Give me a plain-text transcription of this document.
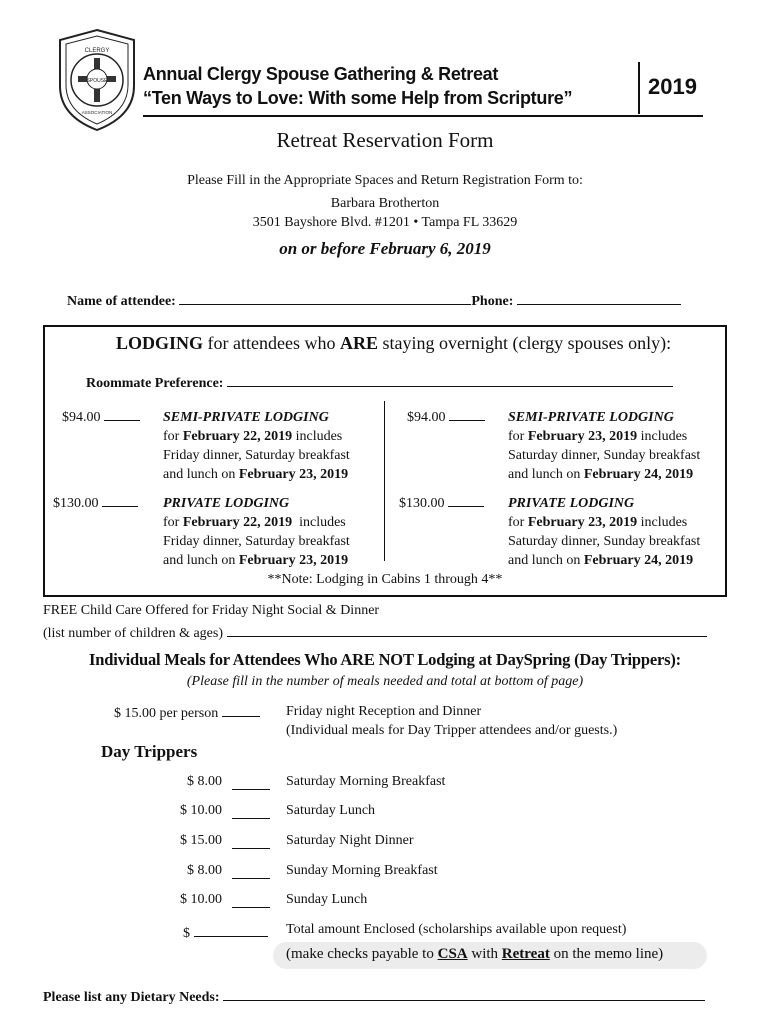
CLERGY
SPOUSE
ASSOCIATION
Annual Clergy Spouse Gathering & Retreat
“Ten Ways to Love: With some Help from Scripture”	2019
Retreat Reservation Form
Please Fill in the Appropriate Spaces and Return Registration Form to:
Barbara Brotherton
3501 Bayshore Blvd. #1201 • Tampa FL 33629
on or before February 6, 2019
Name of attendee:	Phone:
LODGING for attendees who ARE staying overnight (clergy spouses only):
Roommate Preference:
$94.00	SEMI-PRIVATE LODGING
for February 22, 2019 includes
Friday dinner, Saturday breakfast
and lunch on February 23, 2019
$94.00	SEMI-PRIVATE LODGING
for February 23, 2019 includes
Saturday dinner, Sunday breakfast
and lunch on February 24, 2019
$130.00	PRIVATE LODGING
for February 22, 2019  includes
Friday dinner, Saturday breakfast
and lunch on February 23, 2019
$130.00	PRIVATE LODGING
for February 23, 2019 includes
Saturday dinner, Sunday breakfast
and lunch on February 24, 2019
**Note: Lodging in Cabins 1 through 4**
FREE Child Care Offered for Friday Night Social & Dinner
(list number of children & ages)
Individual Meals for Attendees Who ARE NOT Lodging at DaySpring (Day Trippers):
(Please fill in the number of meals needed and total at bottom of page)
$ 15.00 per person	Friday night Reception and Dinner
(Individual meals for Day Tripper attendees and/or guests.)
Day Trippers
$ 8.00	Saturday Morning Breakfast
$ 10.00	Saturday Lunch
$ 15.00	Saturday Night Dinner
$ 8.00	Sunday Morning Breakfast
$ 10.00	Sunday Lunch
$	Total amount Enclosed (scholarships available upon request)
(make checks payable to CSA with Retreat on the memo line)
Please list any Dietary Needs:
